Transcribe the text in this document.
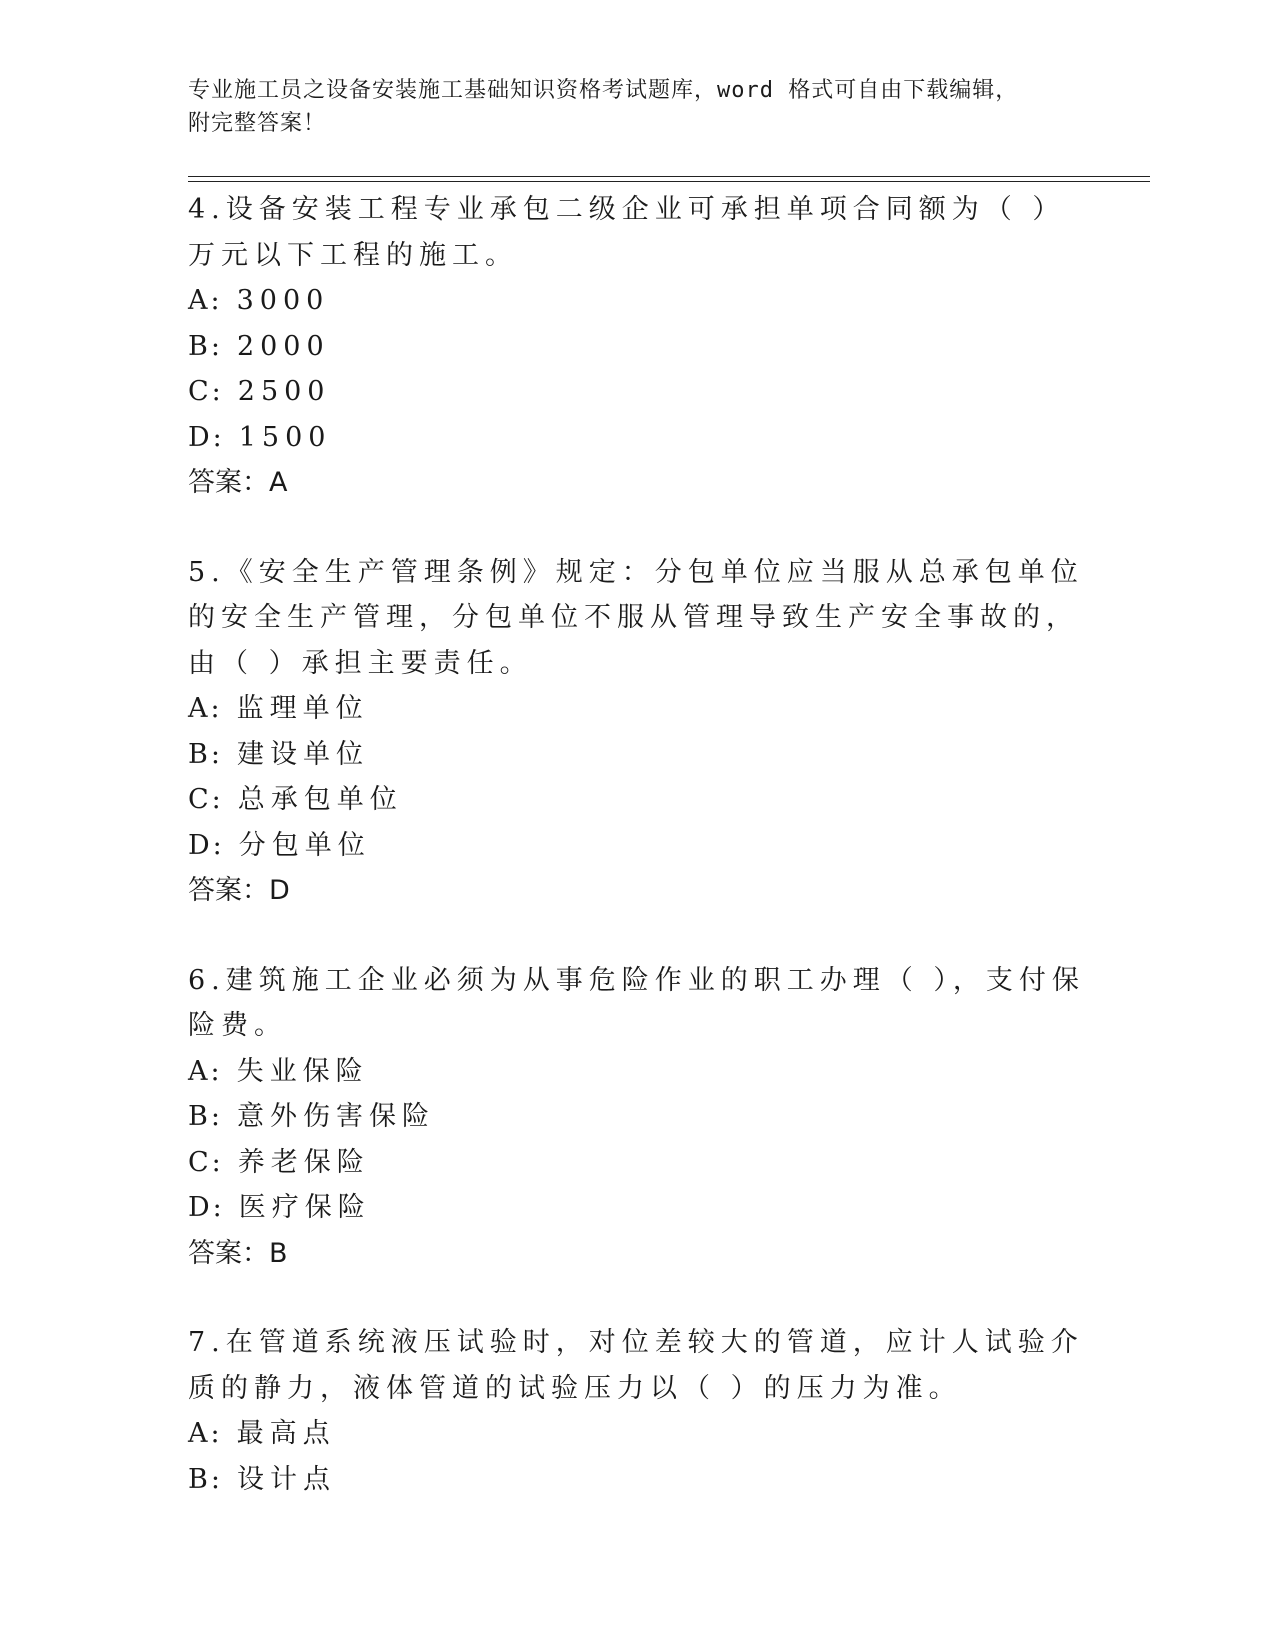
专业施工员之设备安装施工基础知识资格考试题库，word 格式可自由下载编辑，
附完整答案！
4.设备安装工程专业承包二级企业可承担单项合同额为（ ）万元以下工程的施工。
A: 3000
B: 2000
C: 2500
D: 1500
答案：A
5.《安全生产管理条例》规定：分包单位应当服从总承包单位的安全生产管理，分包单位不服从管理导致生产安全事故的，由（ ）承担主要责任。
A: 监理单位
B: 建设单位
C: 总承包单位
D: 分包单位
答案：D
6.建筑施工企业必须为从事危险作业的职工办理（ ），支付保险费。
A: 失业保险
B: 意外伤害保险
C: 养老保险
D: 医疗保险
答案：B
7.在管道系统液压试验时，对位差较大的管道，应计人试验介质的静力，液体管道的试验压力以（ ）的压力为准。
A: 最高点
B: 设计点
